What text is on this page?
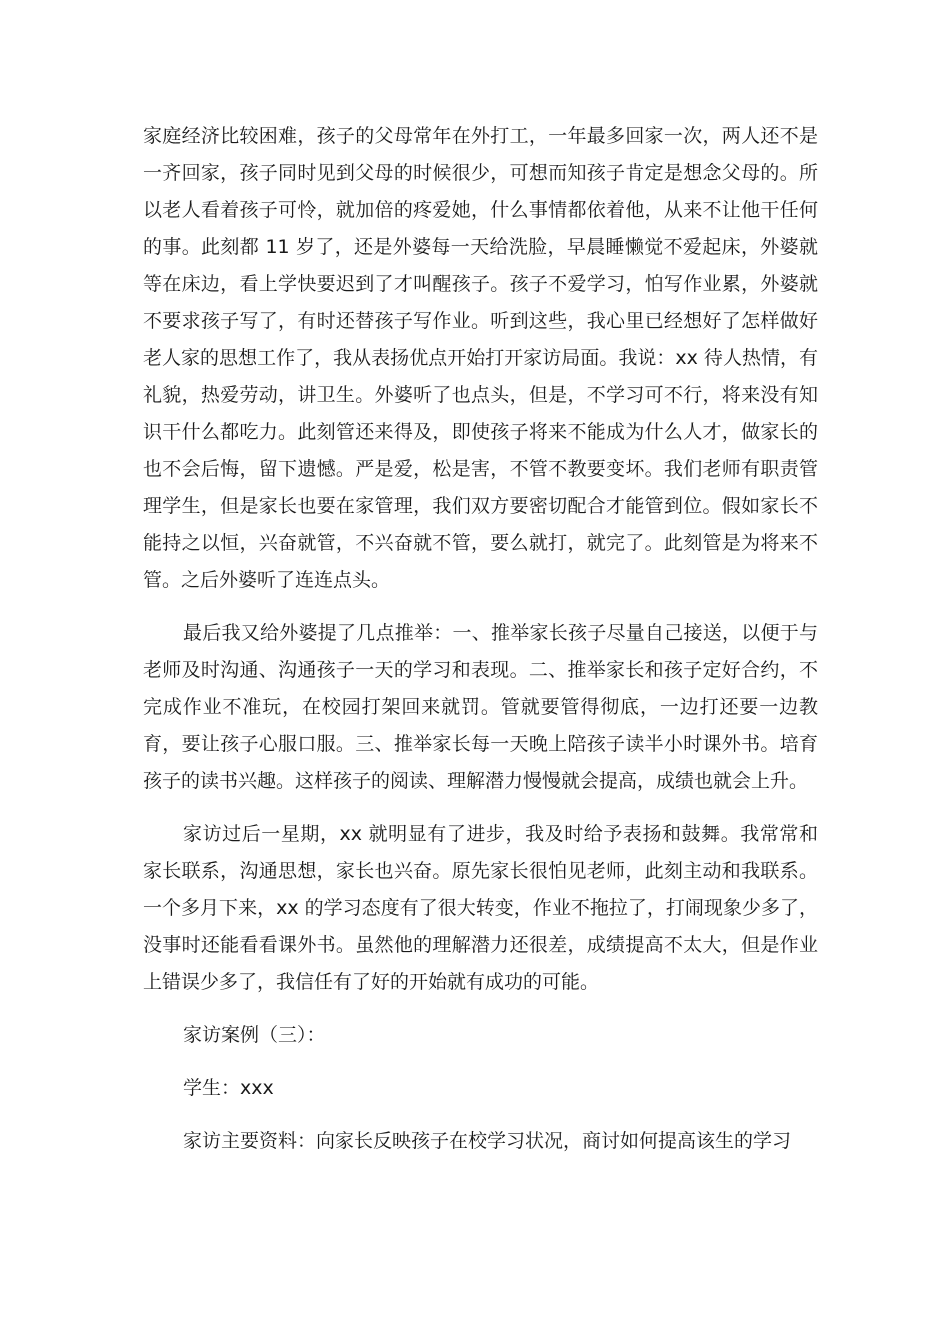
家庭经济比较困难，孩子的父母常年在外打工，一年最多回家一次，两人还不是一齐回家，孩子同时见到父母的时候很少，可想而知孩子肯定是想念父母的。所以老人看着孩子可怜，就加倍的疼爱她，什么事情都依着他，从来不让他干任何的事。此刻都 11 岁了，还是外婆每一天给洗脸，早晨睡懒觉不爱起床，外婆就等在床边，看上学快要迟到了才叫醒孩子。孩子不爱学习，怕写作业累，外婆就不要求孩子写了，有时还替孩子写作业。听到这些，我心里已经想好了怎样做好老人家的思想工作了，我从表扬优点开始打开家访局面。我说：xx 待人热情，有礼貌，热爱劳动，讲卫生。外婆听了也点头，但是，不学习可不行，将来没有知识干什么都吃力。此刻管还来得及，即使孩子将来不能成为什么人才，做家长的也不会后悔，留下遗憾。严是爱，松是害，不管不教要变坏。我们老师有职责管理学生，但是家长也要在家管理，我们双方要密切配合才能管到位。假如家长不能持之以恒，兴奋就管，不兴奋就不管，要么就打，就完了。此刻管是为将来不管。之后外婆听了连连点头。

最后我又给外婆提了几点推举：一、推举家长孩子尽量自己接送，以便于与老师及时沟通、沟通孩子一天的学习和表现。二、推举家长和孩子定好合约，不完成作业不准玩，在校园打架回来就罚。管就要管得彻底，一边打还要一边教育，要让孩子心服口服。三、推举家长每一天晚上陪孩子读半小时课外书。培育孩子的读书兴趣。这样孩子的阅读、理解潜力慢慢就会提高，成绩也就会上升。

家访过后一星期，xx 就明显有了进步，我及时给予表扬和鼓舞。我常常和家长联系，沟通思想，家长也兴奋。原先家长很怕见老师，此刻主动和我联系。一个多月下来，xx 的学习态度有了很大转变，作业不拖拉了，打闹现象少多了，没事时还能看看课外书。虽然他的理解潜力还很差，成绩提高不太大，但是作业上错误少多了，我信任有了好的开始就有成功的可能。

家访案例（三）：

学生：xxx

家访主要资料：向家长反映孩子在校学习状况，商讨如何提高该生的学习
